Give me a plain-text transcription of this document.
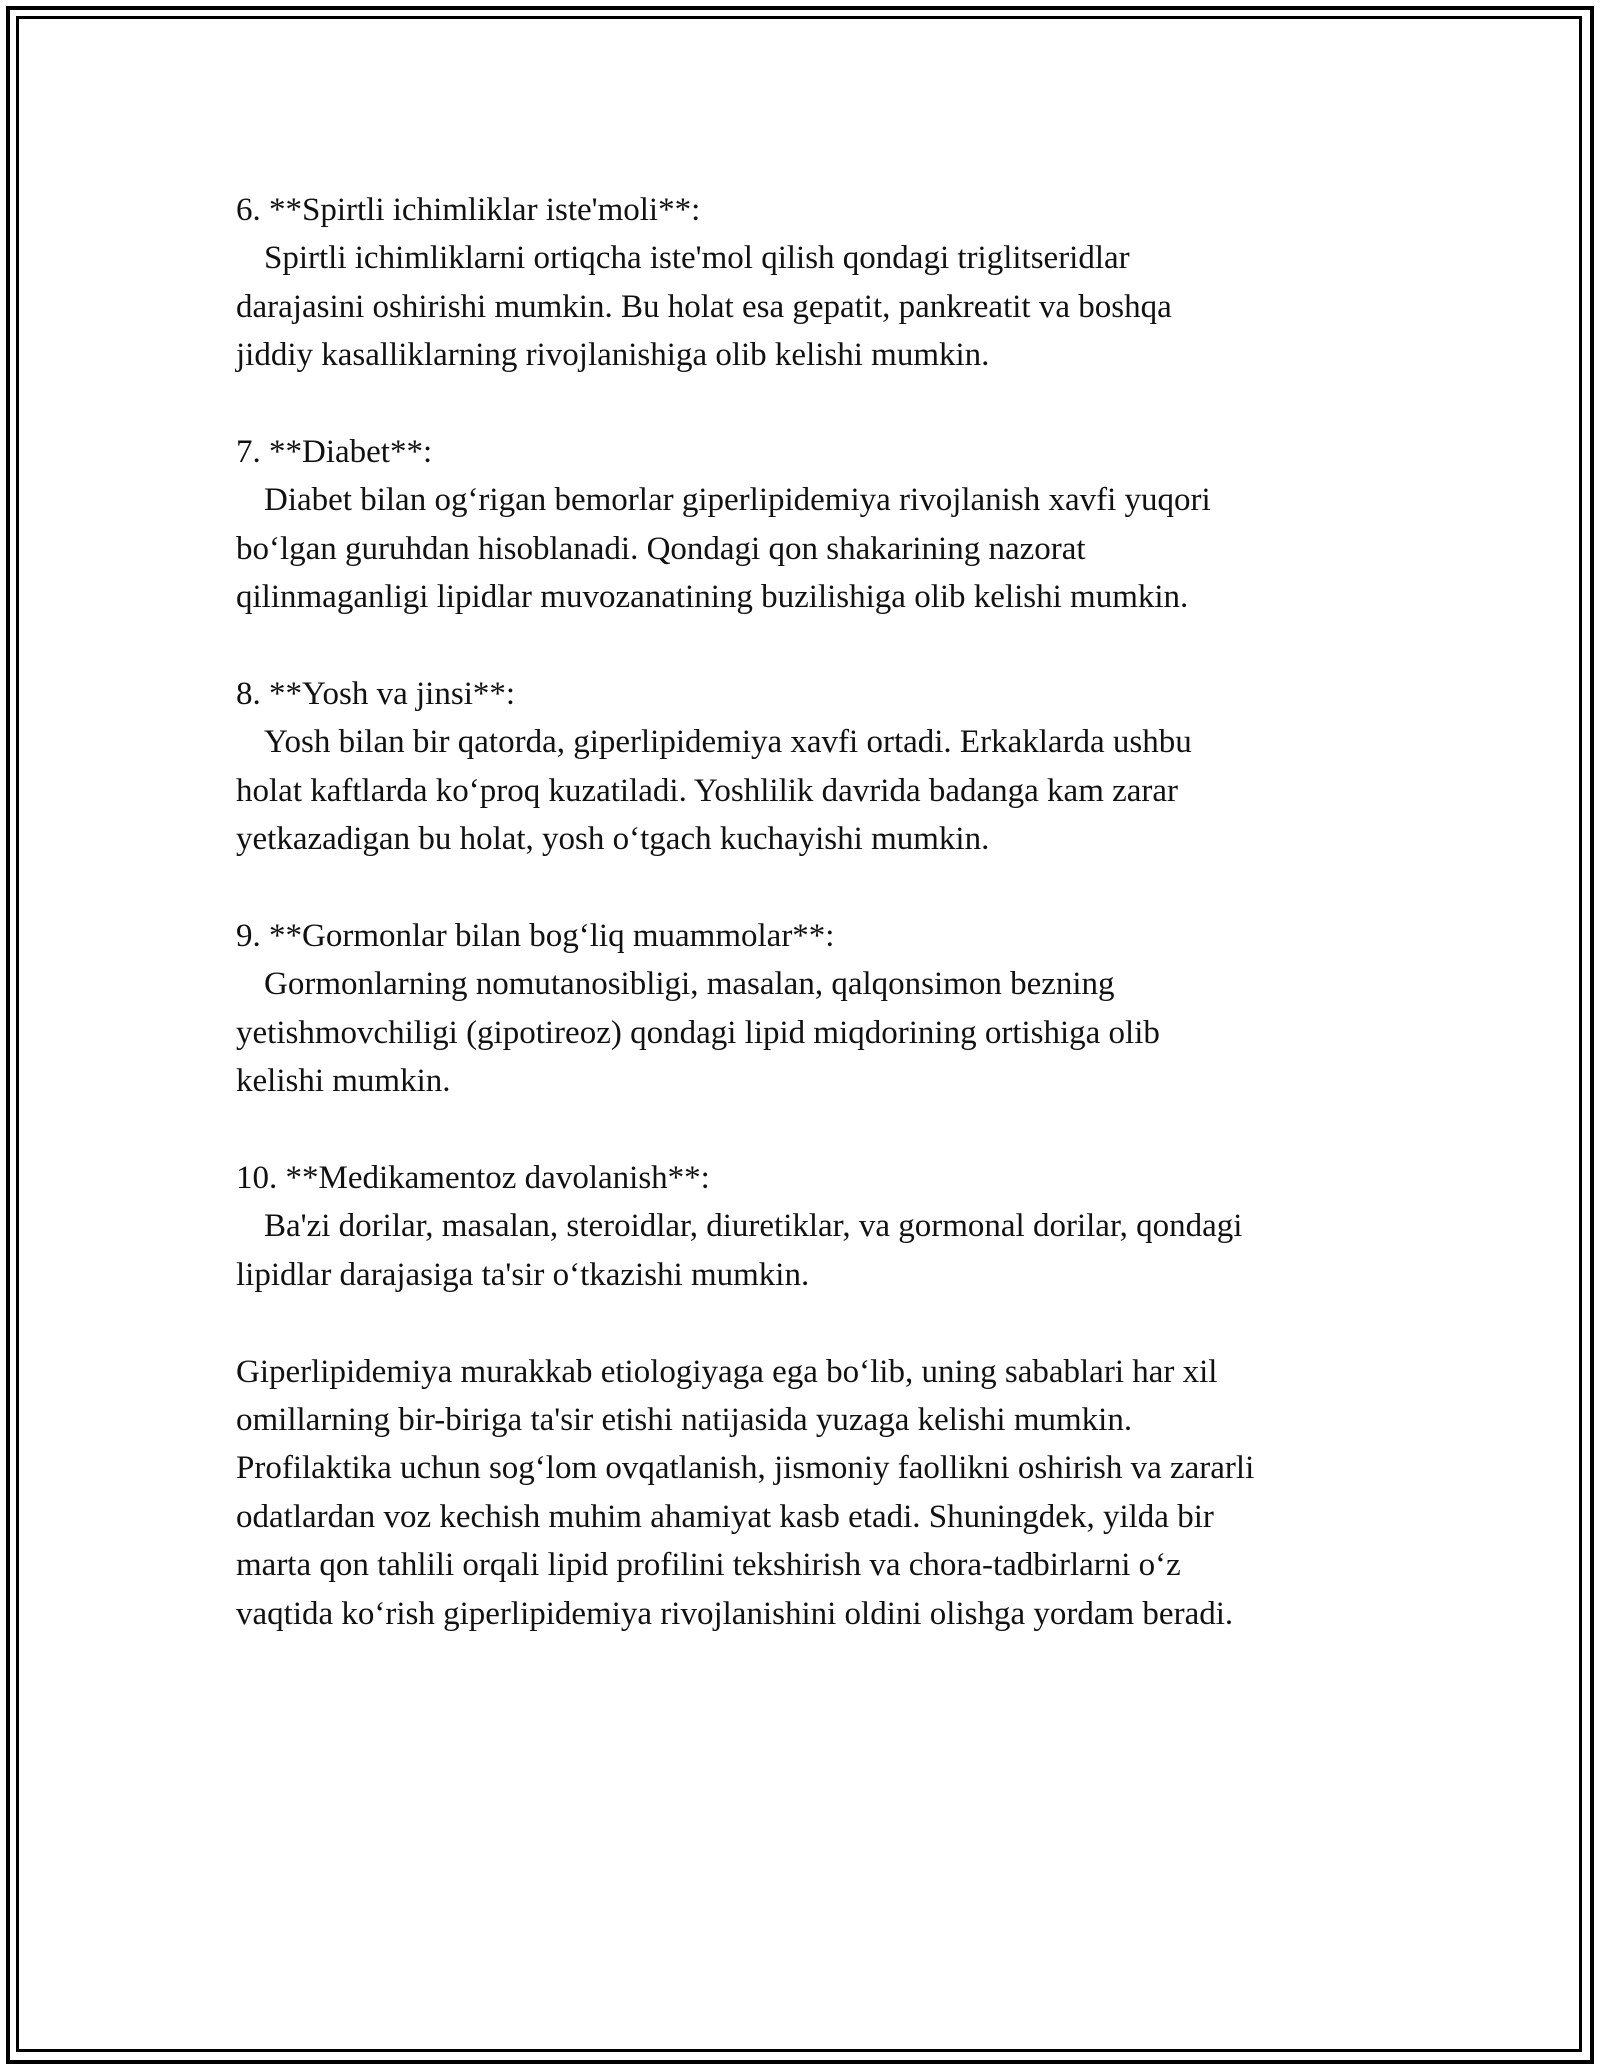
6. **Spirtli ichimliklar iste'moli**:
Spirtli ichimliklarni ortiqcha iste'mol qilish qondagi triglitseridlar
darajasini oshirishi mumkin. Bu holat esa gepatit, pankreatit va boshqa
jiddiy kasalliklarning rivojlanishiga olib kelishi mumkin.
7. **Diabet**:
Diabet bilan og‘rigan bemorlar giperlipidemiya rivojlanish xavfi yuqori
bo‘lgan guruhdan hisoblanadi. Qondagi qon shakarining nazorat
qilinmaganligi lipidlar muvozanatining buzilishiga olib kelishi mumkin.
8. **Yosh va jinsi**:
Yosh bilan bir qatorda, giperlipidemiya xavfi ortadi. Erkaklarda ushbu
holat kaftlarda ko‘proq kuzatiladi. Yoshlilik davrida badanga kam zarar
yetkazadigan bu holat, yosh o‘tgach kuchayishi mumkin.
9. **Gormonlar bilan bog‘liq muammolar**:
Gormonlarning nomutanosibligi, masalan, qalqonsimon bezning
yetishmovchiligi (gipotireoz) qondagi lipid miqdorining ortishiga olib
kelishi mumkin.
10. **Medikamentoz davolanish**:
Ba'zi dorilar, masalan, steroidlar, diuretiklar, va gormonal dorilar, qondagi
lipidlar darajasiga ta'sir o‘tkazishi mumkin.
Giperlipidemiya murakkab etiologiyaga ega bo‘lib, uning sabablari har xil
omillarning bir-biriga ta'sir etishi natijasida yuzaga kelishi mumkin.
Profilaktika uchun sog‘lom ovqatlanish, jismoniy faollikni oshirish va zararli
odatlardan voz kechish muhim ahamiyat kasb etadi. Shuningdek, yilda bir
marta qon tahlili orqali lipid profilini tekshirish va chora-tadbirlarni o‘z
vaqtida ko‘rish giperlipidemiya rivojlanishini oldini olishga yordam beradi.
